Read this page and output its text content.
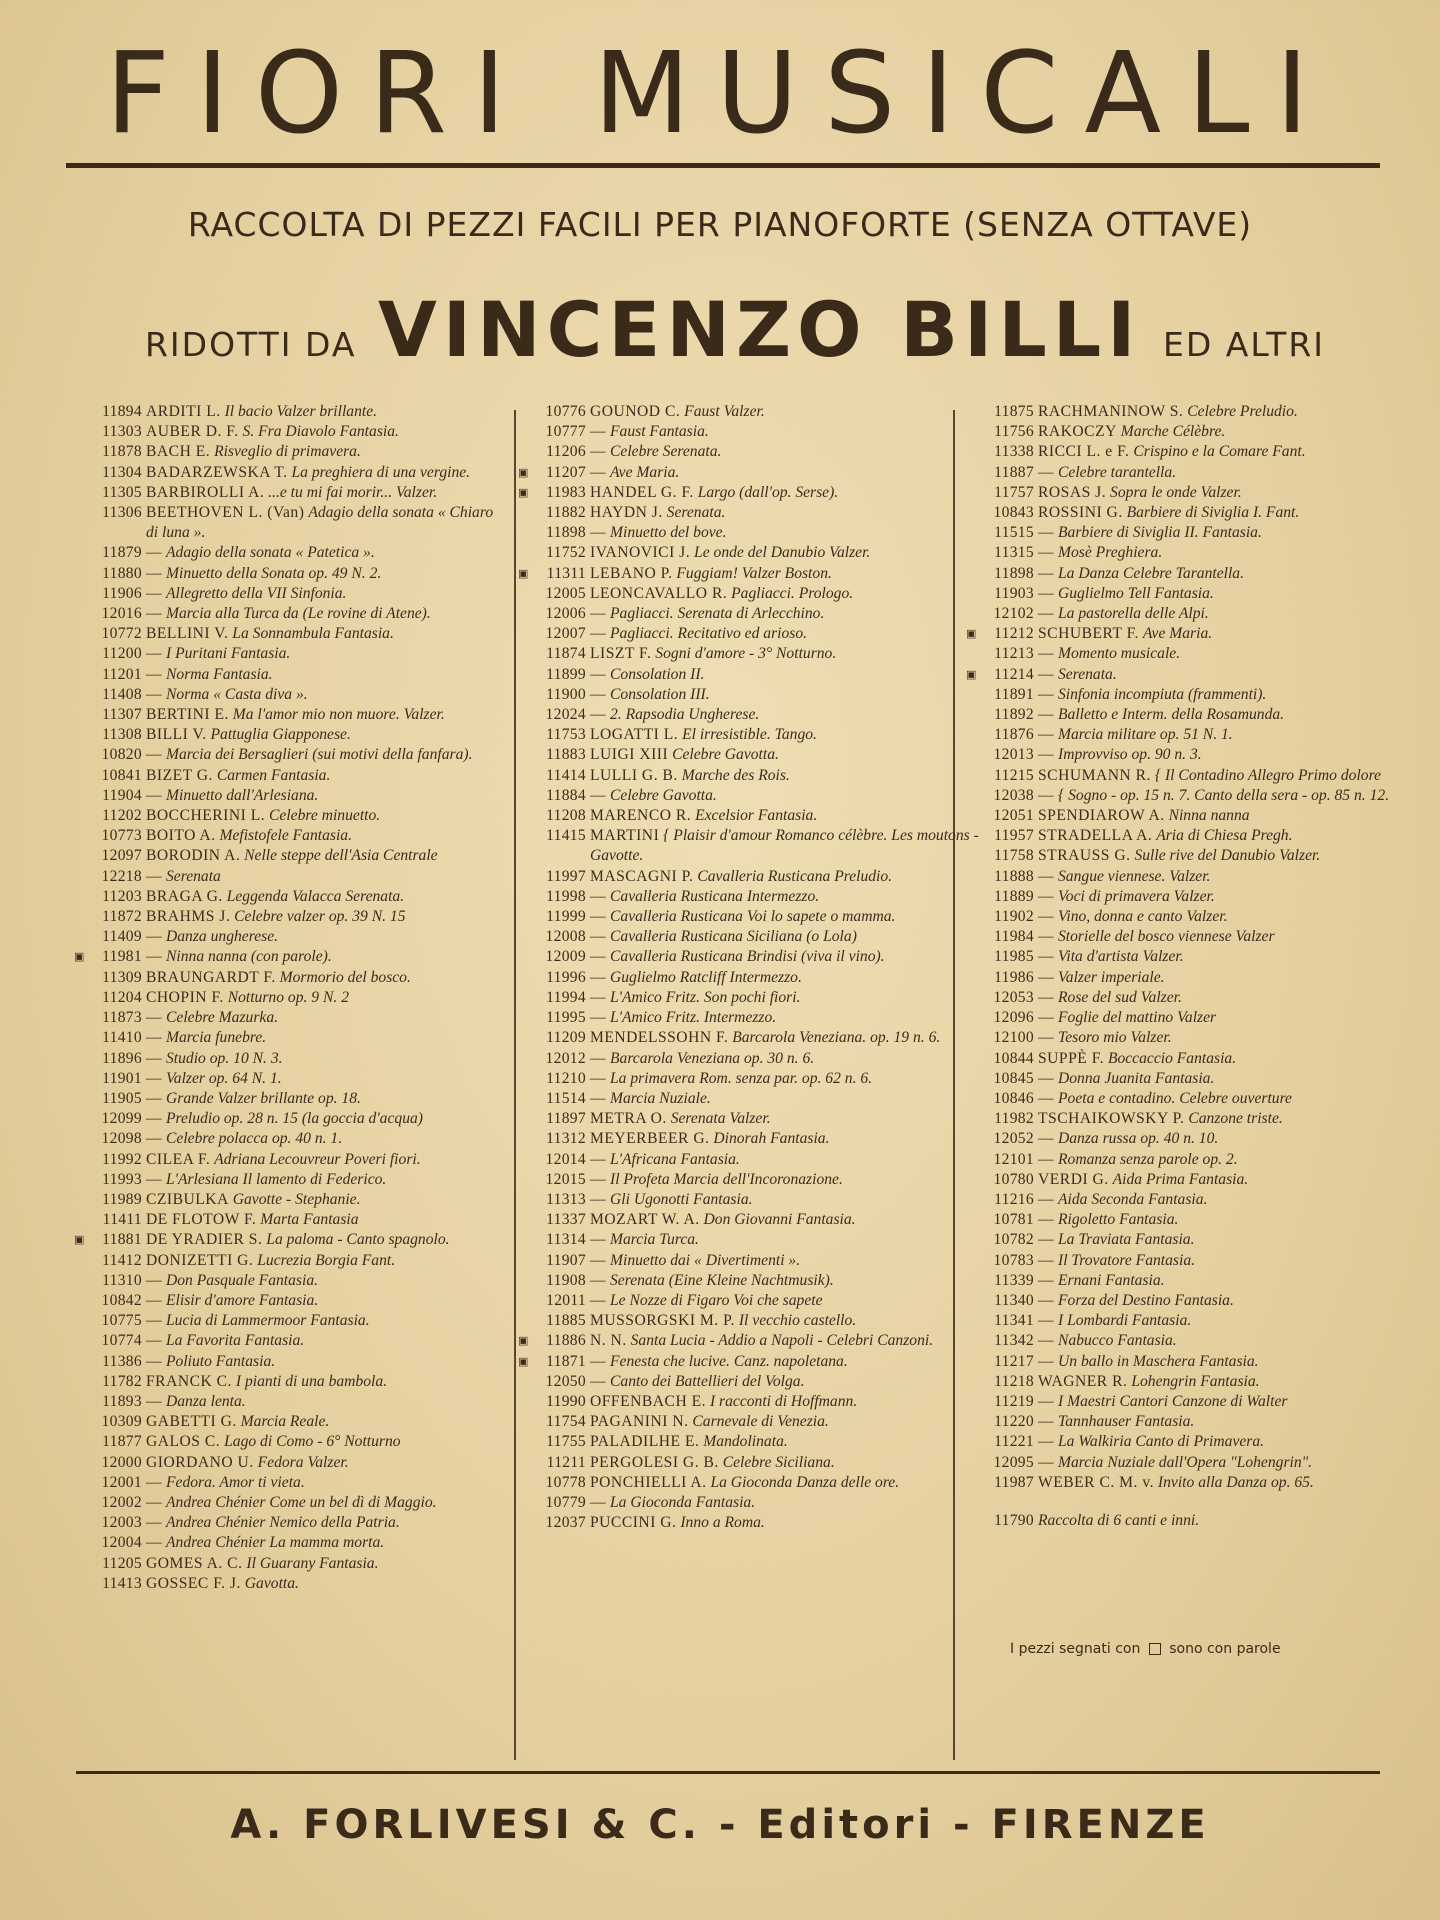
FIORI MUSICALI
RACCOLTA DI PEZZI FACILI PER PIANOFORTE (SENZA OTTAVE)
RIDOTTI DA VINCENZO BILLI ED ALTRI
11894 ARDITI L. Il bacio Valzer brillante.
11303 AUBER D. F. S. Fra Diavolo Fantasia.
11878 BACH E. Risveglio di primavera.
11304 BADARZEWSKA T. La preghiera di una vergine.
11305 BARBIROLLI A. ...e tu mi fai morir... Valzer.
11306 BEETHOVEN L. (Van) Adagio della sonata « Chiaro di luna ».
11879 — Adagio della sonata « Patetica ».
11880 — Minuetto della Sonata op. 49 N. 2.
11906 — Allegretto della VII Sinfonia.
12016 — Marcia alla Turca da (Le rovine di Atene).
10772 BELLINI V. La Sonnambula Fantasia.
11200 — I Puritani Fantasia.
11201 — Norma Fantasia.
11408 — Norma « Casta diva ».
11307 BERTINI E. Ma l'amor mio non muore. Valzer.
11308 BILLI V. Pattuglia Giapponese.
10820 — Marcia dei Bersaglieri (sui motivi della fanfara).
10841 BIZET G. Carmen Fantasia.
11904 — Minuetto dall'Arlesiana.
11202 BOCCHERINI L. Celebre minuetto.
10773 BOITO A. Mefistofele Fantasia.
12097 BORODIN A. Nelle steppe dell'Asia Centrale
12218 — Serenata
11203 BRAGA G. Leggenda Valacca Serenata.
11872 BRAHMS J. Celebre valzer op. 39 N. 15
11409 — Danza ungherese.
▣	11981 — Ninna nanna (con parole).
11309 BRAUNGARDT F. Mormorio del bosco.
11204 CHOPIN F. Notturno op. 9 N. 2
11873 — Celebre Mazurka.
11410 — Marcia funebre.
11896 — Studio op. 10 N. 3.
11901 — Valzer op. 64 N. 1.
11905 — Grande Valzer brillante op. 18.
12099 — Preludio op. 28 n. 15 (la goccia d'acqua)
12098 — Celebre polacca op. 40 n. 1.
11992 CILEA F. Adriana Lecouvreur Poveri fiori.
11993 — L'Arlesiana Il lamento di Federico.
11989 CZIBULKA Gavotte - Stephanie.
11411 DE FLOTOW F. Marta Fantasia
▣	11881 DE YRADIER S. La paloma - Canto spagnolo.
11412 DONIZETTI G. Lucrezia Borgia Fant.
11310 — Don Pasquale Fantasia.
10842 — Elisir d'amore Fantasia.
10775 — Lucia di Lammermoor Fantasia.
10774 — La Favorita Fantasia.
11386 — Poliuto Fantasia.
11782 FRANCK C. I pianti di una bambola.
11893 — Danza lenta.
10309 GABETTI G. Marcia Reale.
11877 GALOS C. Lago di Como - 6° Notturno
12000 GIORDANO U. Fedora Valzer.
12001 — Fedora. Amor ti vieta.
12002 — Andrea Chénier Come un bel dì di Maggio.
12003 — Andrea Chénier Nemico della Patria.
12004 — Andrea Chénier La mamma morta.
11205 GOMES A. C. Il Guarany Fantasia.
11413 GOSSEC F. J. Gavotta.
10776 GOUNOD C. Faust Valzer.
10777 — Faust Fantasia.
11206 — Celebre Serenata.
▣	11207 — Ave Maria.
▣	11983 HANDEL G. F. Largo (dall'op. Serse).
11882 HAYDN J. Serenata.
11898 — Minuetto del bove.
11752 IVANOVICI J. Le onde del Danubio Valzer.
▣	11311 LEBANO P. Fuggiam! Valzer Boston.
12005 LEONCAVALLO R. Pagliacci. Prologo.
12006 — Pagliacci. Serenata di Arlecchino.
12007 — Pagliacci. Recitativo ed arioso.
11874 LISZT F. Sogni d'amore - 3° Notturno.
11899 — Consolation II.
11900 — Consolation III.
12024 — 2. Rapsodia Ungherese.
11753 LOGATTI L. El irresistible. Tango.
11883 LUIGI XIII Celebre Gavotta.
11414 LULLI G. B. Marche des Rois.
11884 — Celebre Gavotta.
11208 MARENCO R. Excelsior Fantasia.
11415 MARTINI { Plaisir d'amour Romanco célèbre. Les moutons - Gavotte.
11997 MASCAGNI P. Cavalleria Rusticana Preludio.
11998 — Cavalleria Rusticana Intermezzo.
11999 — Cavalleria Rusticana Voi lo sapete o mamma.
12008 — Cavalleria Rusticana Siciliana (o Lola)
12009 — Cavalleria Rusticana Brindisi (viva il vino).
11996 — Guglielmo Ratcliff Intermezzo.
11994 — L'Amico Fritz. Son pochi fiori.
11995 — L'Amico Fritz. Intermezzo.
11209 MENDELSSOHN F. Barcarola Veneziana. op. 19 n. 6.
12012 — Barcarola Veneziana op. 30 n. 6.
11210 — La primavera Rom. senza par. op. 62 n. 6.
11514 — Marcia Nuziale.
11897 METRA O. Serenata Valzer.
11312 MEYERBEER G. Dinorah Fantasia.
12014 — L'Africana Fantasia.
12015 — Il Profeta Marcia dell'Incoronazione.
11313 — Gli Ugonotti Fantasia.
11337 MOZART W. A. Don Giovanni Fantasia.
11314 — Marcia Turca.
11907 — Minuetto dai « Divertimenti ».
11908 — Serenata (Eine Kleine Nachtmusik).
12011 — Le Nozze di Figaro Voi che sapete
11885 MUSSORGSKI M. P. Il vecchio castello.
▣	11886 N. N. Santa Lucia - Addio a Napoli - Celebri Canzoni.
▣	11871 — Fenesta che lucive. Canz. napoletana.
12050 — Canto dei Battellieri del Volga.
11990 OFFENBACH E. I racconti di Hoffmann.
11754 PAGANINI N. Carnevale di Venezia.
11755 PALADILHE E. Mandolinata.
11211 PERGOLESI G. B. Celebre Siciliana.
10778 PONCHIELLI A. La Gioconda Danza delle ore.
10779 — La Gioconda Fantasia.
12037 PUCCINI G. Inno a Roma.
11875 RACHMANINOW S. Celebre Preludio.
11756 RAKOCZY Marche Célèbre.
11338 RICCI L. e F. Crispino e la Comare Fant.
11887 — Celebre tarantella.
11757 ROSAS J. Sopra le onde Valzer.
10843 ROSSINI G. Barbiere di Siviglia I. Fant.
11515 — Barbiere di Siviglia II. Fantasia.
11315 — Mosè Preghiera.
11898 — La Danza Celebre Tarantella.
11903 — Guglielmo Tell Fantasia.
12102 — La pastorella delle Alpi.
▣	11212 SCHUBERT F. Ave Maria.
11213 — Momento musicale.
▣	11214 — Serenata.
11891 — Sinfonia incompiuta (frammenti).
11892 — Balletto e Interm. della Rosamunda.
11876 — Marcia militare op. 51 N. 1.
12013 — Improvviso op. 90 n. 3.
11215 SCHUMANN R. { Il Contadino Allegro Primo dolore
12038 — { Sogno - op. 15 n. 7. Canto della sera - op. 85 n. 12.
12051 SPENDIAROW A. Ninna nanna
11957 STRADELLA A. Aria di Chiesa Pregh.
11758 STRAUSS G. Sulle rive del Danubio Valzer.
11888 — Sangue viennese. Valzer.
11889 — Voci di primavera Valzer.
11902 — Vino, donna e canto Valzer.
11984 — Storielle del bosco viennese Valzer
11985 — Vita d'artista Valzer.
11986 — Valzer imperiale.
12053 — Rose del sud Valzer.
12096 — Foglie del mattino Valzer
12100 — Tesoro mio Valzer.
10844 SUPPÈ F. Boccaccio Fantasia.
10845 — Donna Juanita Fantasia.
10846 — Poeta e contadino. Celebre ouverture
11982 TSCHAIKOWSKY P. Canzone triste.
12052 — Danza russa op. 40 n. 10.
12101 — Romanza senza parole op. 2.
10780 VERDI G. Aida Prima Fantasia.
11216 — Aida Seconda Fantasia.
10781 — Rigoletto Fantasia.
10782 — La Traviata Fantasia.
10783 — Il Trovatore Fantasia.
11339 — Ernani Fantasia.
11340 — Forza del Destino Fantasia.
11341 — I Lombardi Fantasia.
11342 — Nabucco Fantasia.
11217 — Un ballo in Maschera Fantasia.
11218 WAGNER R. Lohengrin Fantasia.
11219 — I Maestri Cantori Canzone di Walter
11220 — Tannhauser Fantasia.
11221 — La Walkiria Canto di Primavera.
12095 — Marcia Nuziale dall'Opera "Lohengrin".
11987 WEBER C. M. v. Invito alla Danza op. 65.
11790 Raccolta di 6 canti e inni.
I pezzi segnati con sono con parole
A. FORLIVESI & C. - Editori - FIRENZE
